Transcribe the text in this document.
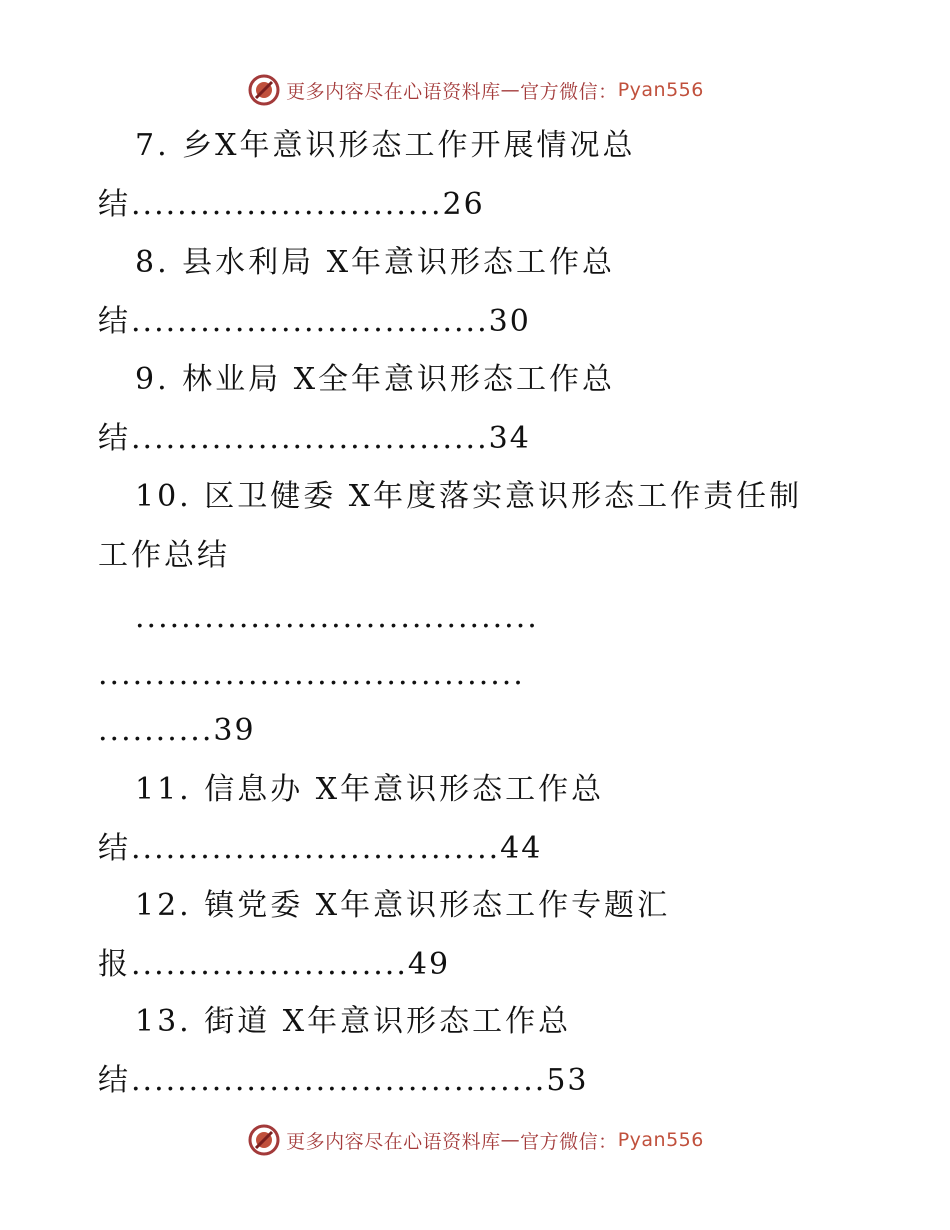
更多内容尽在心语资料库 — 官方微信： Pyan556
7. 乡X年意识形态工作开展情况总
结...........................26
8. 县水利局 X年意识形态工作总
结...............................30
9. 林业局 X全年意识形态工作总
结...............................34
10. 区卫健委 X年度落实意识形态工作责任制
工作总结
...................................
.....................................
..........39
11. 信息办 X年意识形态工作总
结................................44
12. 镇党委 X年意识形态工作专题汇
报........................49
13. 街道 X年意识形态工作总
结....................................53
更多内容尽在心语资料库 — 官方微信： Pyan556
